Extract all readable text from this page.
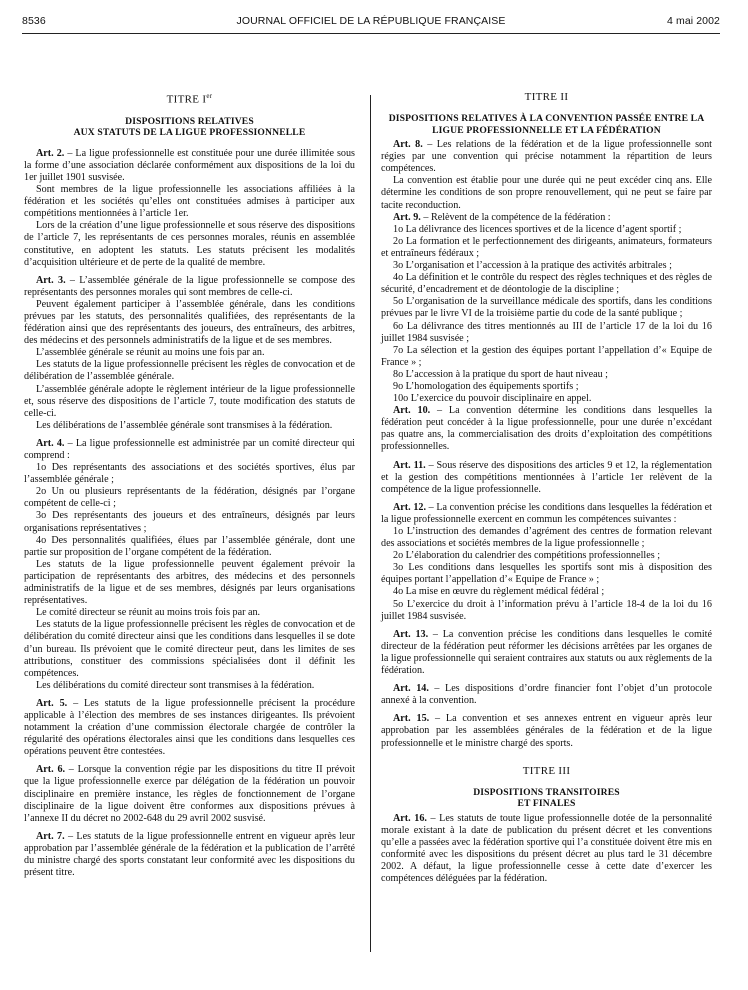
8536	JOURNAL OFFICIEL DE LA RÉPUBLIQUE FRANÇAISE	4 mai 2002
TITRE Ier
DISPOSITIONS RELATIVES
AUX STATUTS DE LA LIGUE PROFESSIONNELLE

Art. 2. – La ligue professionnelle est constituée pour une durée illimitée sous la forme d’une association déclarée conformément aux dispositions de la loi du 1er juillet 1901 susvisée.

Sont membres de la ligue professionnelle les associations affiliées à la fédération et les sociétés qu’elles ont constituées admises à participer aux compétitions mentionnées à l’article 1er.

Lors de la création d’une ligue professionnelle et sous réserve des dispositions de l’article 7, les représentants de ces personnes morales, réunis en assemblée constitutive, en adoptent les statuts. Les statuts précisent les modalités d’acquisition ultérieure et de perte de la qualité de membre.

Art. 3. – L’assemblée générale de la ligue professionnelle se compose des représentants des personnes morales qui sont membres de celle-ci.

Peuvent également participer à l’assemblée générale, dans les conditions prévues par les statuts, des personnalités qualifiées, des représentants de la fédération ainsi que des représentants des joueurs, des entraîneurs, des arbitres, des médecins et des personnels administratifs de la ligue et de ses membres.

L’assemblée générale se réunit au moins une fois par an.

Les statuts de la ligue professionnelle précisent les règles de convocation et de délibération de l’assemblée générale.

L’assemblée générale adopte le règlement intérieur de la ligue professionnelle et, sous réserve des dispositions de l’article 7, toute modification des statuts de celle-ci.

Les délibérations de l’assemblée générale sont transmises à la fédération.

Art. 4. – La ligue professionnelle est administrée par un comité directeur qui comprend :

1o Des représentants des associations et des sociétés sportives, élus par l’assemblée générale ;

2o Un ou plusieurs représentants de la fédération, désignés par l’organe compétent de celle-ci ;

3o Des représentants des joueurs et des entraîneurs, désignés par leurs organisations représentatives ;

4o Des personnalités qualifiées, élues par l’assemblée générale, dont une partie sur proposition de l’organe compétent de la fédération.

Les statuts de la ligue professionnelle peuvent également prévoir la participation de représentants des arbitres, des médecins et des personnels administratifs de la ligue et de ses membres, désignés par leurs organisations représentatives.

Le comité directeur se réunit au moins trois fois par an.

Les statuts de la ligue professionnelle précisent les règles de convocation et de délibération du comité directeur ainsi que les conditions dans lesquelles il se dote d’un bureau. Ils prévoient que le comité directeur peut, dans les limites de ses attributions, constituer des commissions spécialisées dont il définit les compétences.

Les délibérations du comité directeur sont transmises à la fédération.

Art. 5. – Les statuts de la ligue professionnelle précisent la procédure applicable à l’élection des membres de ses instances dirigeantes. Ils prévoient notamment la création d’une commission électorale chargée de contrôler la régularité des opérations électorales ainsi que les conditions dans lesquelles ces opérations peuvent être contestées.

Art. 6. – Lorsque la convention régie par les dispositions du titre II prévoit que la ligue professionnelle exerce par délégation de la fédération un pouvoir disciplinaire en première instance, les règles de fonctionnement de l’organe disciplinaire de la ligue doivent être conformes aux dispositions prévues à l’annexe II du décret no 2002-648 du 29 avril 2002 susvisé.

Art. 7. – Les statuts de la ligue professionnelle entrent en vigueur après leur approbation par l’assemblée générale de la fédération et la publication de l’arrêté du ministre chargé des sports constatant leur conformité avec les dispositions du présent titre.

TITRE II
DISPOSITIONS RELATIVES À LA CONVENTION PASSÉE ENTRE LA LIGUE PROFESSIONNELLE ET LA FÉDÉRATION

Art. 8. – Les relations de la fédération et de la ligue professionnelle sont régies par une convention qui précise notamment la répartition de leurs compétences.

La convention est établie pour une durée qui ne peut excéder cinq ans. Elle détermine les conditions de son propre renouvellement, qui ne peut se faire par tacite reconduction.

Art. 9. – Relèvent de la compétence de la fédération :

1o La délivrance des licences sportives et de la licence d’agent sportif ;

2o La formation et le perfectionnement des dirigeants, animateurs, formateurs et entraîneurs fédéraux ;

3o L’organisation et l’accession à la pratique des activités arbitrales ;

4o La définition et le contrôle du respect des règles techniques et des règles de sécurité, d’encadrement et de déontologie de la discipline ;

5o L’organisation de la surveillance médicale des sportifs, dans les conditions prévues par le livre VI de la troisième partie du code de la santé publique ;

6o La délivrance des titres mentionnés au III de l’article 17 de la loi du 16 juillet 1984 susvisée ;

7o La sélection et la gestion des équipes portant l’appellation d’« Equipe de France » ;

8o L’accession à la pratique du sport de haut niveau ;

9o L’homologation des équipements sportifs ;

10o L’exercice du pouvoir disciplinaire en appel.

Art. 10. – La convention détermine les conditions dans lesquelles la fédération peut concéder à la ligue professionnelle, pour une durée n’excédant pas quatre ans, la commercialisation des droits d’exploitation des compétitions professionnelles.

Art. 11. – Sous réserve des dispositions des articles 9 et 12, la réglementation et la gestion des compétitions mentionnées à l’article 1er relèvent de la compétence de la ligue professionnelle.

Art. 12. – La convention précise les conditions dans lesquelles la fédération et la ligue professionnelle exercent en commun les compétences suivantes :

1o L’instruction des demandes d’agrément des centres de formation relevant des associations et sociétés membres de la ligue professionnelle ;

2o L’élaboration du calendrier des compétitions professionnelles ;

3o Les conditions dans lesquelles les sportifs sont mis à disposition des équipes portant l’appellation d’« Equipe de France » ;

4o La mise en œuvre du règlement médical fédéral ;

5o L’exercice du droit à l’information prévu à l’article 18-4 de la loi du 16 juillet 1984 susvisée.

Art. 13. – La convention précise les conditions dans lesquelles le comité directeur de la fédération peut réformer les décisions arrêtées par les organes de la ligue professionnelle qui seraient contraires aux statuts ou aux règlements de la fédération.

Art. 14. – Les dispositions d’ordre financier font l’objet d’un protocole annexé à la convention.

Art. 15. – La convention et ses annexes entrent en vigueur après leur approbation par les assemblées générales de la fédération et de la ligue professionnelle et le ministre chargé des sports.

TITRE III
DISPOSITIONS TRANSITOIRES
ET FINALES

Art. 16. – Les statuts de toute ligue professionnelle dotée de la personnalité morale existant à la date de publication du présent décret et les conventions qu’elle a passées avec la fédération sportive qui l’a constituée doivent être mis en conformité avec les dispositions du présent décret au plus tard le 31 décembre 2002. A défaut, la ligue professionnelle cesse à cette date d’exercer les compétences déléguées par la fédération.
